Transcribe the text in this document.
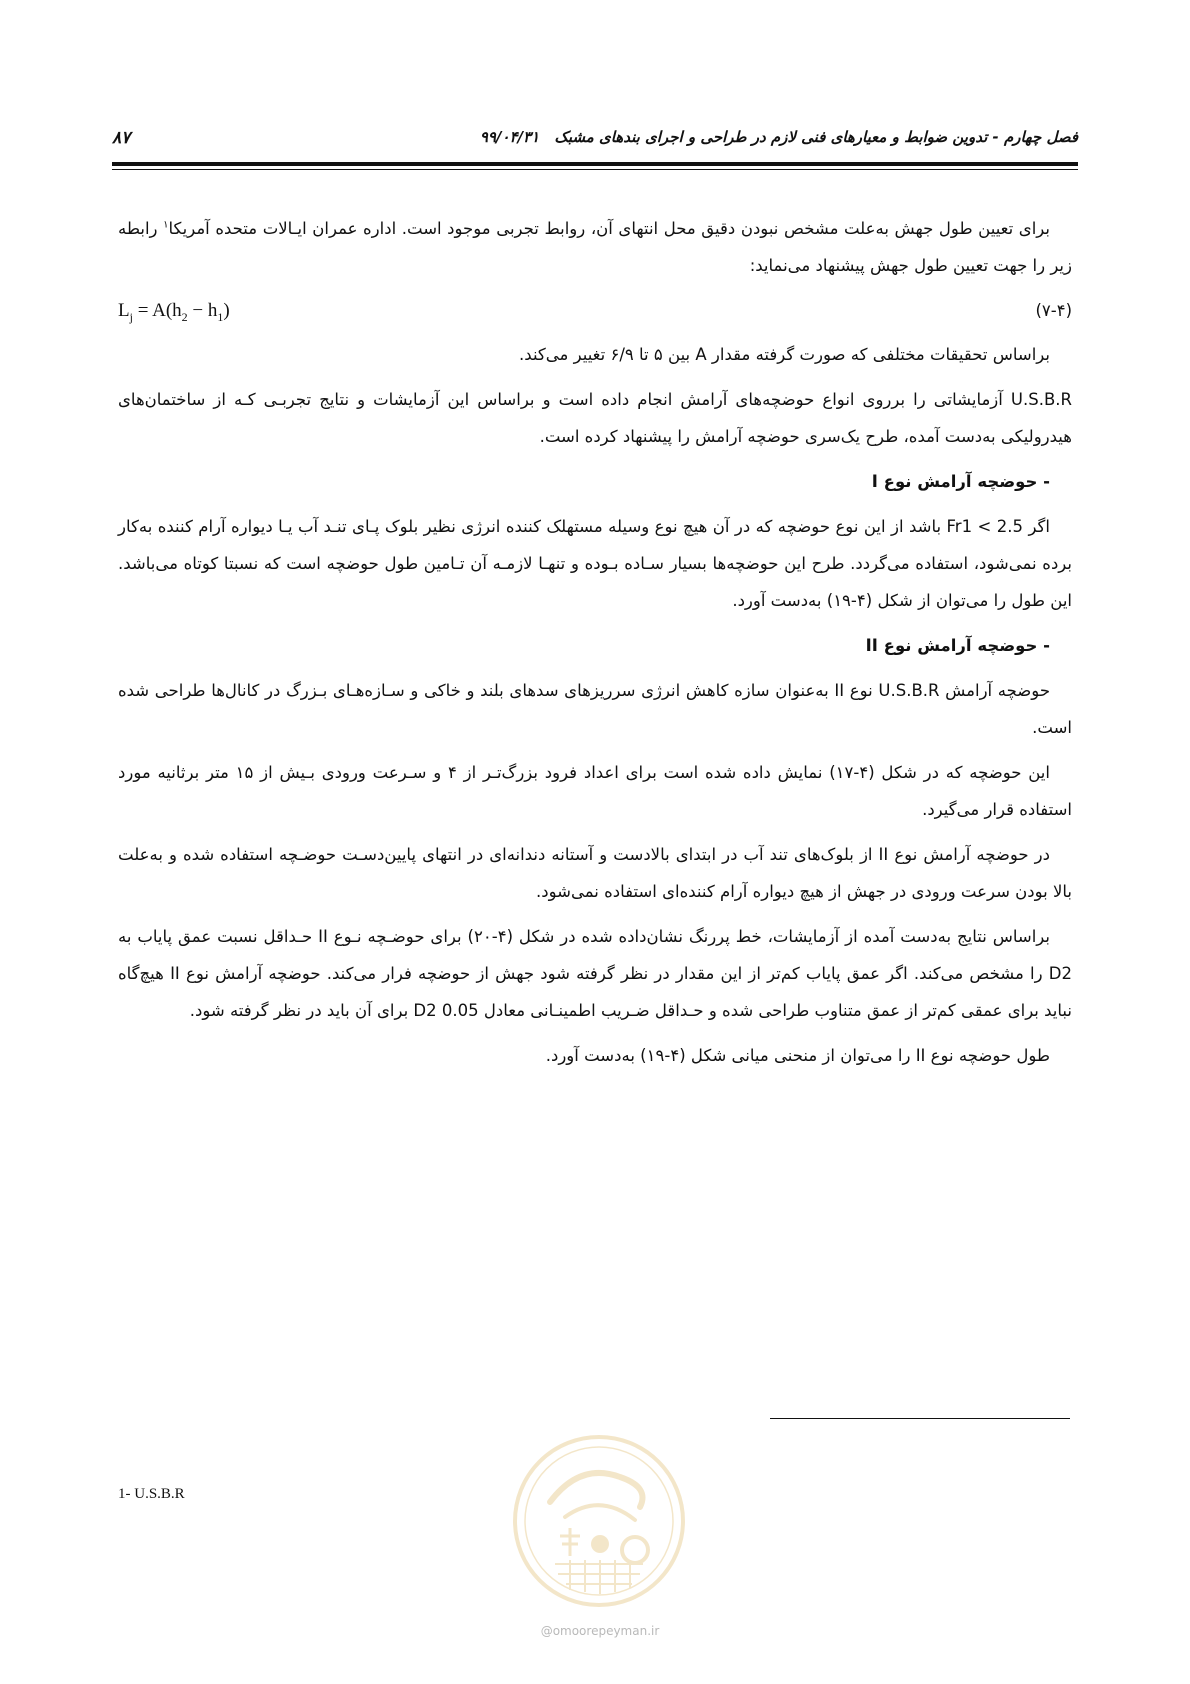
فصل چهارم - تدوین ضوابط و معیارهای فنی لازم در طراحی و اجرای بندهای مشبک ۹۹/۰۴/۳۱
۸۷

برای تعیین طول جهش به‌علت مشخص نبودن دقیق محل انتهای آن، روابط تجربی موجود است. اداره عمران ایـالات متحده آمریکا$^۱$ رابطه زیر را جهت تعیین طول جهش پیشنهاد می‌نماید:

(۷-۴)
$L_j = A(h_2 - h_1)$

براساس تحقیقات مختلفی که صورت گرفته مقدار A بین ۵ تا ۶/۹ تغییر می‌کند.

U.S.B.R آزمایشاتی را برروی انواع حوضچه‌های آرامش انجام داده است و براساس این آزمایشات و نتایج تجربـی کـه از ساختمان‌های هیدرولیکی به‌دست آمده، طرح یک‌سری حوضچه آرامش را پیشنهاد کرده است.

- حوضچه آرامش نوع I

اگر Fr1 < 2.5 باشد از این نوع حوضچه که در آن هیچ نوع وسیله مستهلک کننده انرژی نظیر بلوک پـای تنـد آب یـا دیواره آرام کننده به‌کار برده نمی‌شود، استفاده می‌گردد. طرح این حوضچه‌ها بسیار سـاده بـوده و تنهـا لازمـه آن تـامین طول حوضچه است که نسبتا کوتاه می‌باشد. این طول را می‌توان از شکل (۴-۱۹) به‌دست آورد.

- حوضچه آرامش نوع II

حوضچه آرامش U.S.B.R نوع II به‌عنوان سازه کاهش انرژی سرریزهای سدهای بلند و خاکی و سـازه‌هـای بـزرگ در کانال‌ها طراحی شده است.

این حوضچه که در شکل (۴-۱۷) نمایش داده شده است برای اعداد فرود بزرگ‌تـر از ۴ و سـرعت ورودی بـیش از ۱۵ متر برثانیه مورد استفاده قرار می‌گیرد.

در حوضچه آرامش نوع II از بلوک‌های تند آب در ابتدای بالادست و آستانه دندانه‌ای در انتهای پایین‌دسـت حوضـچه استفاده شده و به‌علت بالا بودن سرعت ورودی در جهش از هیچ دیواره آرام کننده‌ای استفاده نمی‌شود.

براساس نتایج به‌دست آمده از آزمایشات، خط پررنگ نشان‌داده شده در شکل (۴-۲۰) برای حوضـچه نـوع II حـداقل نسبت عمق پایاب به D2 را مشخص می‌کند. اگر عمق پایاب کم‌تر از این مقدار در نظر گرفته شود جهش از حوضچه فرار می‌کند. حوضچه آرامش نوع II هیچ‌گاه نباید برای عمقی کم‌تر از عمق متناوب طراحی شده و حـداقل ضـریب اطمینـانی معادل 0.05 D2 برای آن باید در نظر گرفته شود.

طول حوضچه نوع II را می‌توان از منحنی میانی شکل (۴-۱۹) به‌دست آورد.

1- U.S.B.R
@omoorepeyman.ir
